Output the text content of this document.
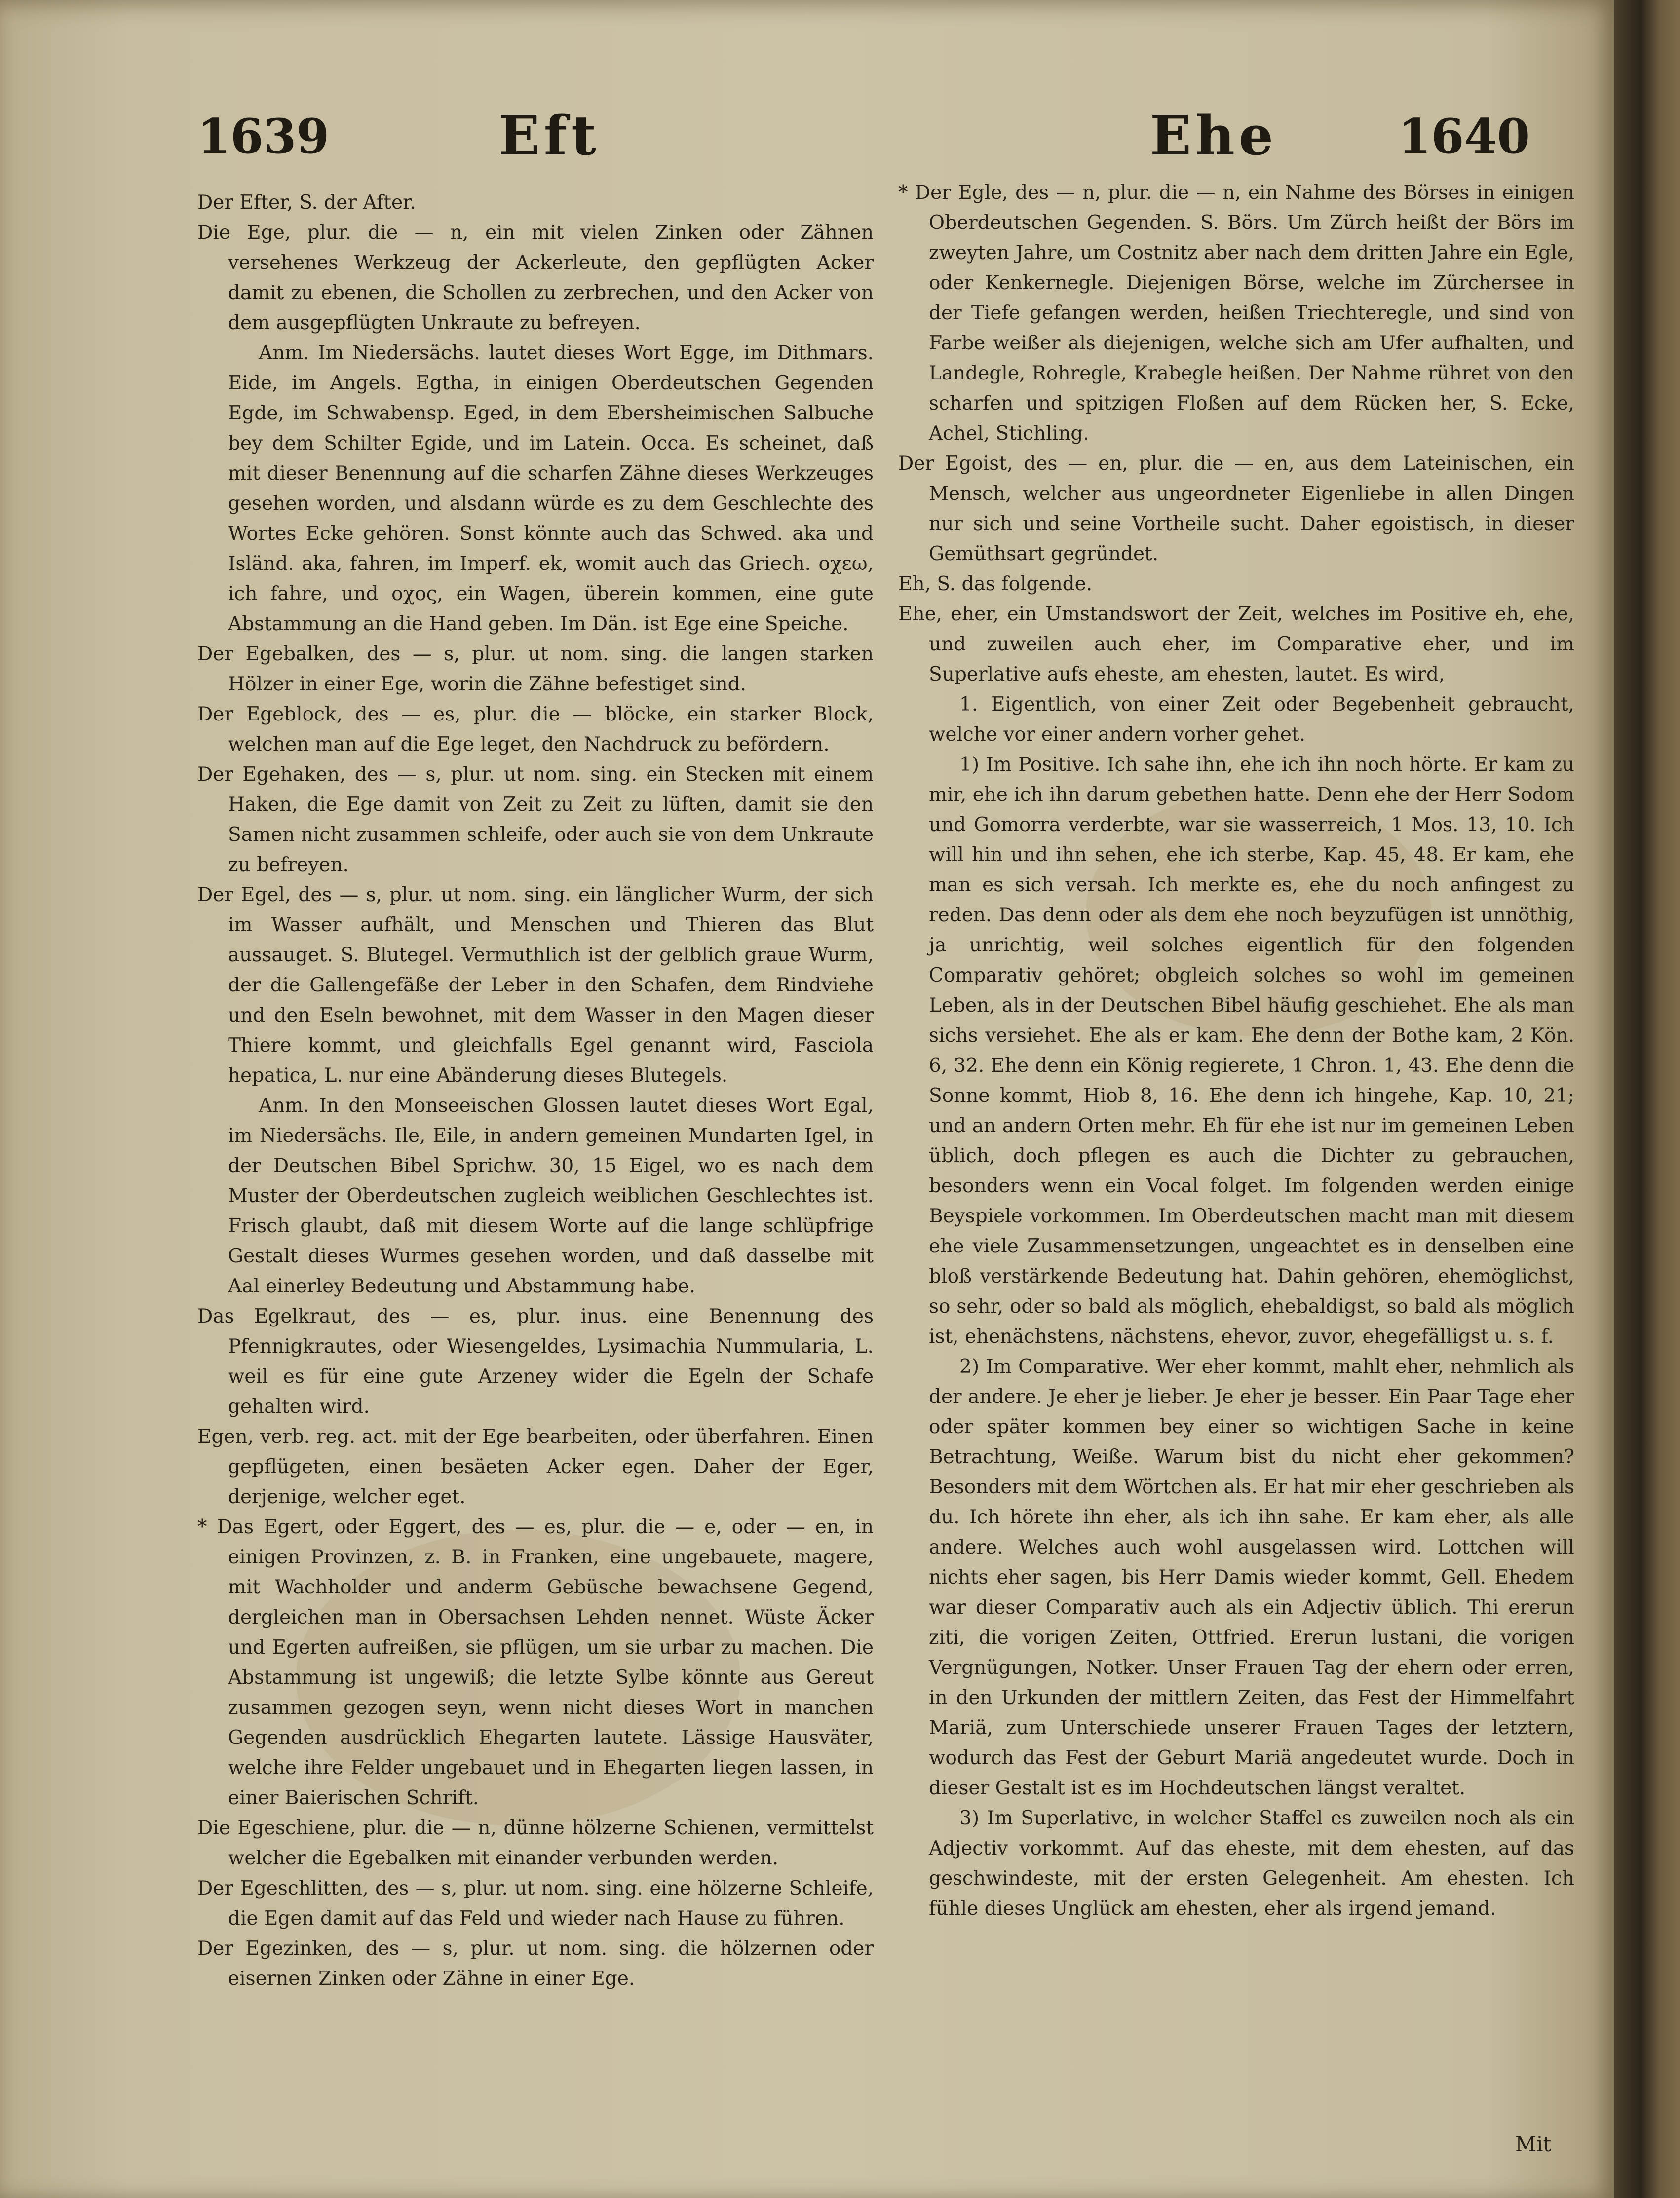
1639	Eft	Ehe	1640

Der Efter, S. der After.

Die Ege, plur. die — n, ein mit vielen Zinken oder Zähnen versehenes Werkzeug der Ackerleute, den gepflügten Acker damit zu ebenen, die Schollen zu zerbrechen, und den Acker von dem ausgepflügten Unkraute zu befreyen.

Anm. Im Niedersächs. lautet dieses Wort Egge, im Dithmars. Eide, im Angels. Egtha, in einigen Oberdeutschen Gegenden Egde, im Schwabensp. Eged, in dem Ebersheimischen Salbuche bey dem Schilter Egide, und im Latein. Occa. Es scheinet, daß mit dieser Benennung auf die scharfen Zähne dieses Werkzeuges gesehen worden, und alsdann würde es zu dem Geschlechte des Wortes Ecke gehören. Sonst könnte auch das Schwed. aka und Isländ. aka, fahren, im Imperf. ek, womit auch das Griech. οχεω, ich fahre, und οχος, ein Wagen, überein kommen, eine gute Abstammung an die Hand geben. Im Dän. ist Ege eine Speiche.

Der Egebalken, des — s, plur. ut nom. sing. die langen starken Hölzer in einer Ege, worin die Zähne befestiget sind.

Der Egeblock, des — es, plur. die — blöcke, ein starker Block, welchen man auf die Ege leget, den Nachdruck zu befördern.

Der Egehaken, des — s, plur. ut nom. sing. ein Stecken mit einem Haken, die Ege damit von Zeit zu Zeit zu lüften, damit sie den Samen nicht zusammen schleife, oder auch sie von dem Unkraute zu befreyen.

Der Egel, des — s, plur. ut nom. sing. ein länglicher Wurm, der sich im Wasser aufhält, und Menschen und Thieren das Blut aussauget. S. Blutegel. Vermuthlich ist der gelblich graue Wurm, der die Gallengefäße der Leber in den Schafen, dem Rindviehe und den Eseln bewohnet, mit dem Wasser in den Magen dieser Thiere kommt, und gleichfalls Egel genannt wird, Fasciola hepatica, L. nur eine Abänderung dieses Blutegels.

Anm. In den Monseeischen Glossen lautet dieses Wort Egal, im Niedersächs. Ile, Eile, in andern gemeinen Mundarten Igel, in der Deutschen Bibel Sprichw. 30, 15 Eigel, wo es nach dem Muster der Oberdeutschen zugleich weiblichen Geschlechtes ist. Frisch glaubt, daß mit diesem Worte auf die lange schlüpfrige Gestalt dieses Wurmes gesehen worden, und daß dasselbe mit Aal einerley Bedeutung und Abstammung habe.

Das Egelkraut, des — es, plur. inus. eine Benennung des Pfennigkrautes, oder Wiesengeldes, Lysimachia Nummularia, L. weil es für eine gute Arzeney wider die Egeln der Schafe gehalten wird.

Egen, verb. reg. act. mit der Ege bearbeiten, oder überfahren. Einen gepflügeten, einen besäeten Acker egen. Daher der Eger, derjenige, welcher eget.

* Das Egert, oder Eggert, des — es, plur. die — e, oder — en, in einigen Provinzen, z. B. in Franken, eine ungebauete, magere, mit Wachholder und anderm Gebüsche bewachsene Gegend, dergleichen man in Obersachsen Lehden nennet. Wüste Äcker und Egerten aufreißen, sie pflügen, um sie urbar zu machen. Die Abstammung ist ungewiß; die letzte Sylbe könnte aus Gereut zusammen gezogen seyn, wenn nicht dieses Wort in manchen Gegenden ausdrücklich Ehegarten lautete. Lässige Hausväter, welche ihre Felder ungebauet und in Ehegarten liegen lassen, in einer Baierischen Schrift.

Die Egeschiene, plur. die — n, dünne hölzerne Schienen, vermittelst welcher die Egebalken mit einander verbunden werden.

Der Egeschlitten, des — s, plur. ut nom. sing. eine hölzerne Schleife, die Egen damit auf das Feld und wieder nach Hause zu führen.

Der Egezinken, des — s, plur. ut nom. sing. die hölzernen oder eisernen Zinken oder Zähne in einer Ege.

* Der Egle, des — n, plur. die — n, ein Nahme des Börses in einigen Oberdeutschen Gegenden. S. Börs. Um Zürch heißt der Börs im zweyten Jahre, um Costnitz aber nach dem dritten Jahre ein Egle, oder Kenkernegle. Diejenigen Börse, welche im Zürchersee in der Tiefe gefangen werden, heißen Triechteregle, und sind von Farbe weißer als diejenigen, welche sich am Ufer aufhalten, und Landegle, Rohregle, Krabegle heißen. Der Nahme rühret von den scharfen und spitzigen Floßen auf dem Rücken her, S. Ecke, Achel, Stichling.

Der Egoist, des — en, plur. die — en, aus dem Lateinischen, ein Mensch, welcher aus ungeordneter Eigenliebe in allen Dingen nur sich und seine Vortheile sucht. Daher egoistisch, in dieser Gemüthsart gegründet.

Eh, S. das folgende.

Ehe, eher, ein Umstandswort der Zeit, welches im Positive eh, ehe, und zuweilen auch eher, im Comparative eher, und im Superlative aufs eheste, am ehesten, lautet. Es wird,

1. Eigentlich, von einer Zeit oder Begebenheit gebraucht, welche vor einer andern vorher gehet.

1) Im Positive. Ich sahe ihn, ehe ich ihn noch hörte. Er kam zu mir, ehe ich ihn darum gebethen hatte. Denn ehe der Herr Sodom und Gomorra verderbte, war sie wasserreich, 1 Mos. 13, 10. Ich will hin und ihn sehen, ehe ich sterbe, Kap. 45, 48. Er kam, ehe man es sich versah. Ich merkte es, ehe du noch anfingest zu reden. Das denn oder als dem ehe noch beyzufügen ist unnöthig, ja unrichtig, weil solches eigentlich für den folgenden Comparativ gehöret; obgleich solches so wohl im gemeinen Leben, als in der Deutschen Bibel häufig geschiehet. Ehe als man sichs versiehet. Ehe als er kam. Ehe denn der Bothe kam, 2 Kön. 6, 32. Ehe denn ein König regierete, 1 Chron. 1, 43. Ehe denn die Sonne kommt, Hiob 8, 16. Ehe denn ich hingehe, Kap. 10, 21; und an andern Orten mehr. Eh für ehe ist nur im gemeinen Leben üblich, doch pflegen es auch die Dichter zu gebrauchen, besonders wenn ein Vocal folget. Im folgenden werden einige Beyspiele vorkommen. Im Oberdeutschen macht man mit diesem ehe viele Zusammensetzungen, ungeachtet es in denselben eine bloß verstärkende Bedeutung hat. Dahin gehören, ehemöglichst, so sehr, oder so bald als möglich, ehebaldigst, so bald als möglich ist, ehenächstens, nächstens, ehevor, zuvor, ehegefälligst u. s. f.

2) Im Comparative. Wer eher kommt, mahlt eher, nehmlich als der andere. Je eher je lieber. Je eher je besser. Ein Paar Tage eher oder später kommen bey einer so wichtigen Sache in keine Betrachtung, Weiße. Warum bist du nicht eher gekommen? Besonders mit dem Wörtchen als. Er hat mir eher geschrieben als du. Ich hörete ihn eher, als ich ihn sahe. Er kam eher, als alle andere. Welches auch wohl ausgelassen wird. Lottchen will nichts eher sagen, bis Herr Damis wieder kommt, Gell. Ehedem war dieser Comparativ auch als ein Adjectiv üblich. Thi ererun ziti, die vorigen Zeiten, Ottfried. Ererun lustani, die vorigen Vergnügungen, Notker. Unser Frauen Tag der ehern oder erren, in den Urkunden der mittlern Zeiten, das Fest der Himmelfahrt Mariä, zum Unterschiede unserer Frauen Tages der letztern, wodurch das Fest der Geburt Mariä angedeutet wurde. Doch in dieser Gestalt ist es im Hochdeutschen längst veraltet.

3) Im Superlative, in welcher Staffel es zuweilen noch als ein Adjectiv vorkommt. Auf das eheste, mit dem ehesten, auf das geschwindeste, mit der ersten Gelegenheit. Am ehesten. Ich fühle dieses Unglück am ehesten, eher als irgend jemand.

Mit
